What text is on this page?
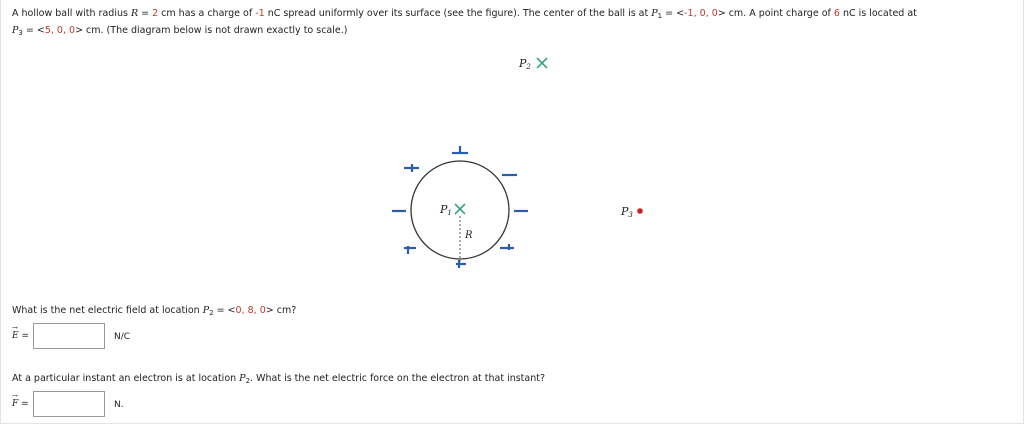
A hollow ball with radius R = 2 cm has a charge of -1 nC spread uniformly over its surface (see the figure). The center of the ball is at $P_1 = <-1$, 0, 0> cm. A point charge of 6 nC is located at
$P_3 = <5$, 0, 0> cm. (The diagram below is not drawn exactly to scale.)
P1
R
P2
P3
What is the net electric field at location $P_2 = <0$, 8, 0> cm?
→ E =	N/C
At a particular instant an electron is at location $P_2$. What is the net electric force on the electron at that instant?
→ F =	N.
